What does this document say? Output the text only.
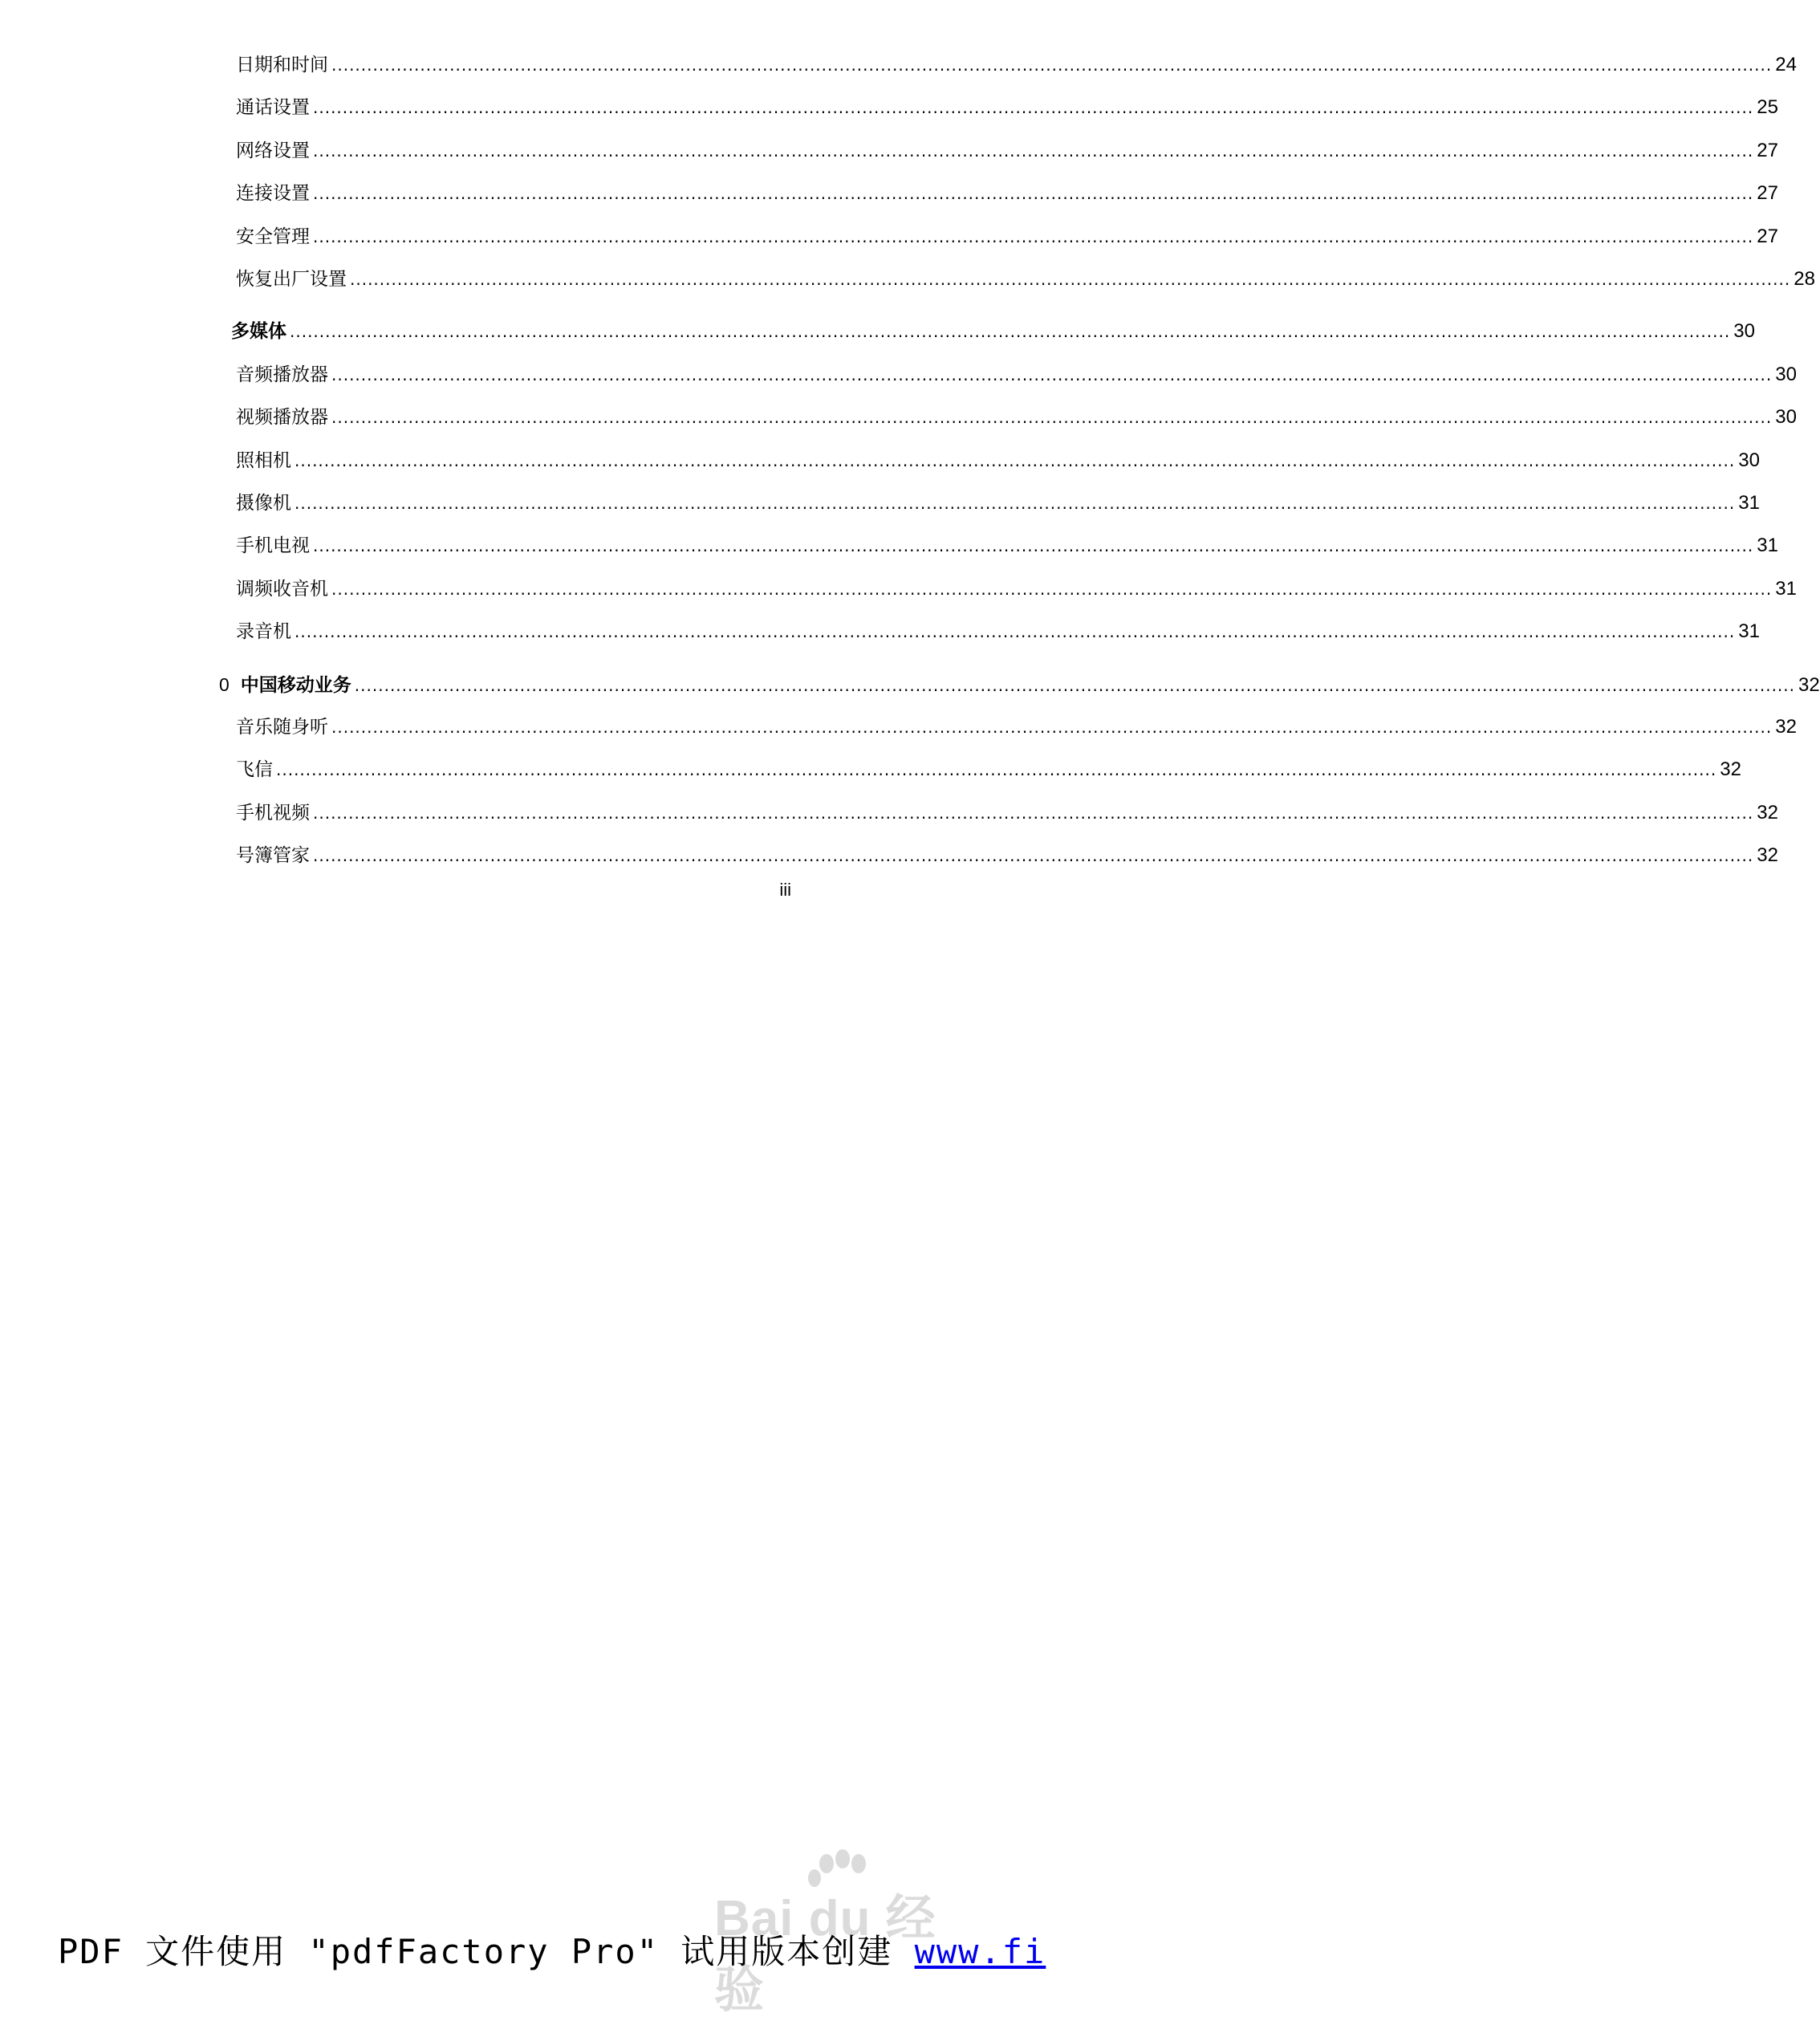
日期和时间 .....	24
通话设置 .....	25
网络设置 .....	27
连接设置 .....	27
安全管理 .....	27
恢复出厂设置 .....	28
多媒体 .....	30
音频播放器 .....	30
视频播放器 .....	30
照相机 .....	30
摄像机 .....	31
手机电视 .....	31
调频收音机 .....	31
录音机 .....	31
0 中国移动业务 .....	32
音乐随身听 .....	32
飞信 .....	32
手机视频 .....	32
号簿管家 .....	32
iii
Bai du 经验
PDF 文件使用 "pdfFactory Pro" 试用版本创建 www.fi
